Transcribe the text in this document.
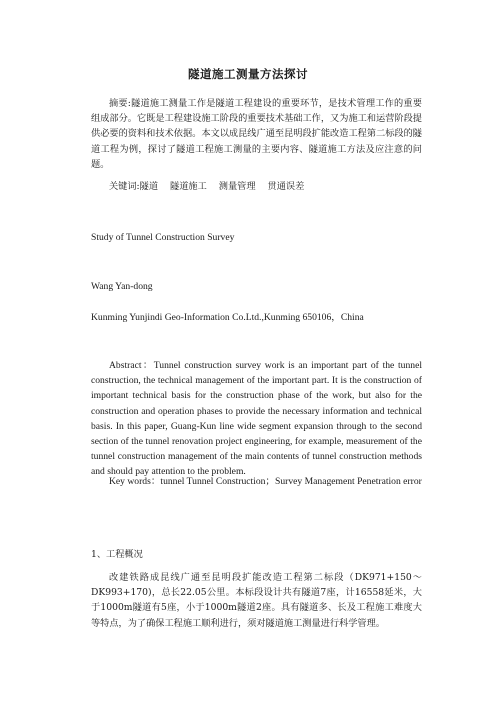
隧道施工测量方法探讨
摘要:隧道施工测量工作是隧道工程建设的重要环节，是技术管理工作的重要组成部分。它既是工程建设施工阶段的重要技术基础工作，又为施工和运营阶段提供必要的资料和技术依据。本文以成昆线广通至昆明段扩能改造工程第二标段的隧道工程为例，探讨了隧道工程施工测量的主要内容、隧道施工方法及应注意的问题。
关键词:隧道 隧道施工 测量管理 贯通误差
Study of Tunnel Construction Survey
Wang Yan-dong
Kunming Yunjindi Geo-Information Co.Ltd.,Kunming 650106，China
Abstract：Tunnel construction survey work is an important part of the tunnel construction, the technical management of the important part. It is the construction of important technical basis for the construction phase of the work, but also for the construction and operation phases to provide the necessary information and technical basis. In this paper, Guang-Kun line wide segment expansion through to the second section of the tunnel renovation project engineering, for example, measurement of the tunnel construction management of the main contents of tunnel construction methods and should pay attention to the problem.
Key words：tunnel Tunnel Construction；Survey Management Penetration error
1、工程概况
改建铁路成昆线广通至昆明段扩能改造工程第二标段（DK971+150～DK993+170)，总长22.05公里。本标段设计共有隧道7座，计16558延米，大于1000m隧道有5座，小于1000m隧道2座。具有隧道多、长及工程施工难度大等特点，为了确保工程施工顺利进行，须对隧道施工测量进行科学管理。
